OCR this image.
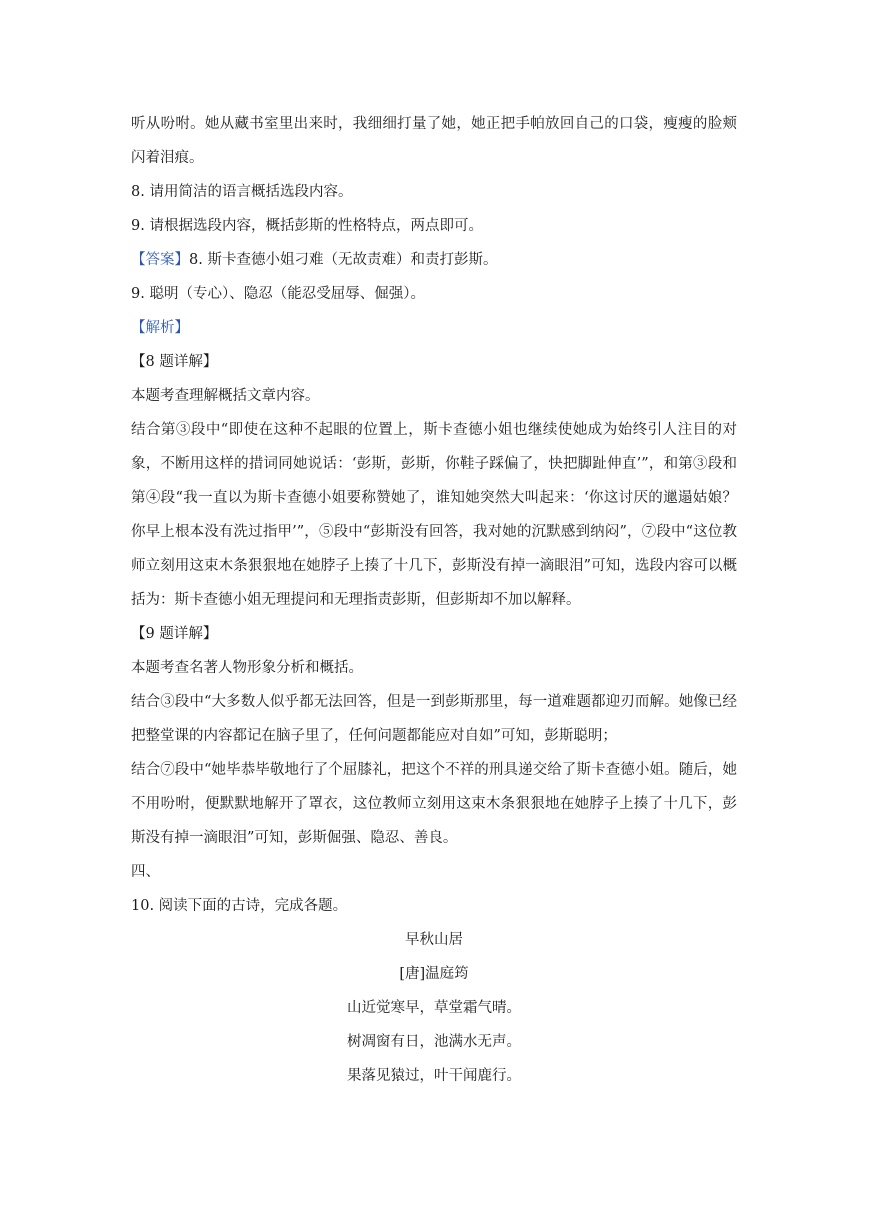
听从吩咐。她从藏书室里出来时，我细细打量了她，她正把手帕放回自己的口袋，瘦瘦的脸颊闪着泪痕。

8. 请用简洁的语言概括选段内容。

9. 请根据选段内容，概括彭斯的性格特点，两点即可。

【答案】8. 斯卡查德小姐刁难（无故责难）和责打彭斯。

9. 聪明（专心）、隐忍（能忍受屈辱、倔强）。

【解析】

【8 题详解】

本题考查理解概括文章内容。

结合第③段中“即使在这种不起眼的位置上，斯卡查德小姐也继续使她成为始终引人注目的对象，不断用这样的措词同她说话：‘彭斯，彭斯，你鞋子踩偏了，快把脚趾伸直’”，和第③段和第④段“我一直以为斯卡查德小姐要称赞她了，谁知她突然大叫起来：‘你这讨厌的邋遢姑娘？你早上根本没有洗过指甲’”，⑤段中“彭斯没有回答，我对她的沉默感到纳闷”，⑦段中“这位教师立刻用这束木条狠狠地在她脖子上揍了十几下，彭斯没有掉一滴眼泪”可知，选段内容可以概括为：斯卡查德小姐无理提问和无理指责彭斯，但彭斯却不加以解释。

【9 题详解】

本题考查名著人物形象分析和概括。

结合③段中“大多数人似乎都无法回答，但是一到彭斯那里，每一道难题都迎刃而解。她像已经把整堂课的内容都记在脑子里了，任何问题都能应对自如”可知，彭斯聪明；

结合⑦段中“她毕恭毕敬地行了个屈膝礼，把这个不祥的刑具递交给了斯卡查德小姐。随后，她不用吩咐，便默默地解开了罩衣，这位教师立刻用这束木条狠狠地在她脖子上揍了十几下，彭斯没有掉一滴眼泪”可知，彭斯倔强、隐忍、善良。

四、

10. 阅读下面的古诗，完成各题。

早秋山居

[唐]温庭筠

山近觉寒早，草堂霜气晴。

树凋窗有日，池满水无声。

果落见猿过，叶干闻鹿行。
